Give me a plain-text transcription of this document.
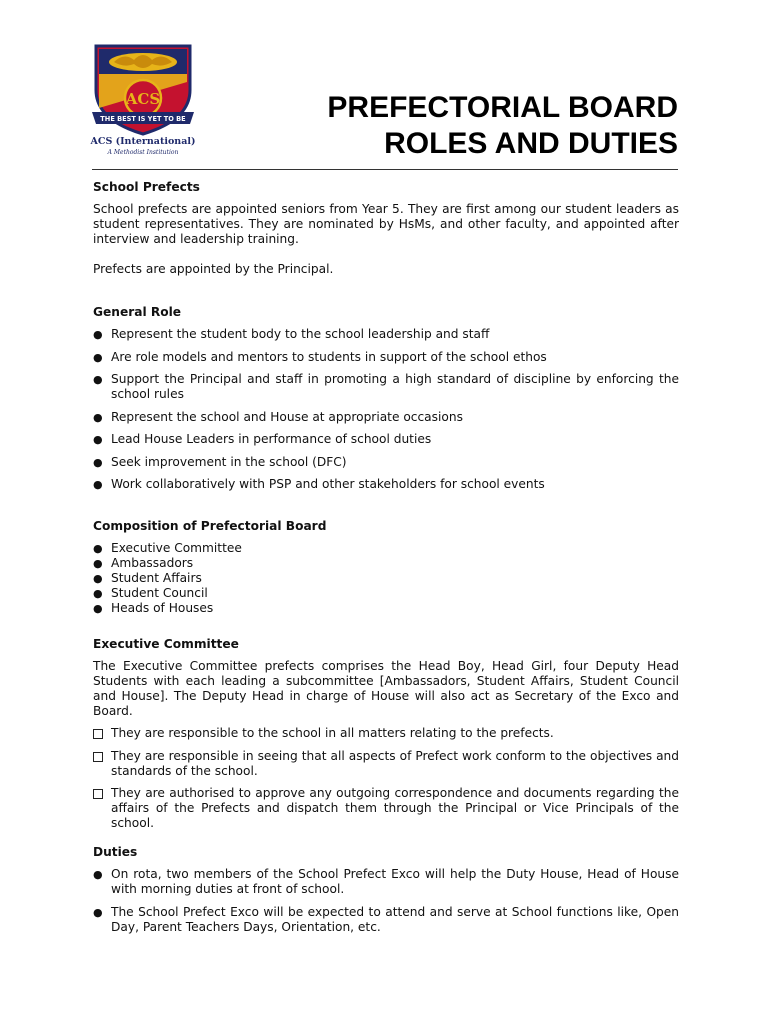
ACS
THE BEST IS YET TO BE
ACS (International)
A Methodist Institution
PREFECTORIAL BOARD
ROLES AND DUTIES
School Prefects

School prefects are appointed seniors from Year 5. They are first among our student leaders as student representatives. They are nominated by HsMs, and other faculty, and appointed after interview and leadership training.

Prefects are appointed by the Principal.

General Role
● Represent the student body to the school leadership and staff
● Are role models and mentors to students in support of the school ethos
● Support the Principal and staff in promoting a high standard of discipline by enforcing the school rules
● Represent the school and House at appropriate occasions
● Lead House Leaders in performance of school duties
● Seek improvement in the school (DFC)
● Work collaboratively with PSP and other stakeholders for school events
Composition of Prefectorial Board
● Executive Committee
● Ambassadors
● Student Affairs
● Student Council
● Heads of Houses
Executive Committee

The Executive Committee prefects comprises the Head Boy, Head Girl, four Deputy Head Students with each leading a subcommittee [Ambassadors, Student Affairs, Student Council and House]. The Deputy Head in charge of House will also act as Secretary of the Exco and Board.

They are responsible to the school in all matters relating to the prefects.
They are responsible in seeing that all aspects of Prefect work conform to the objectives and standards of the school.
They are authorised to approve any outgoing correspondence and documents regarding the affairs of the Prefects and dispatch them through the Principal or Vice Principals of the school.
Duties
● On rota, two members of the School Prefect Exco will help the Duty House, Head of House with morning duties at front of school.
● The School Prefect Exco will be expected to attend and serve at School functions like, Open Day, Parent Teachers Days, Orientation, etc.
